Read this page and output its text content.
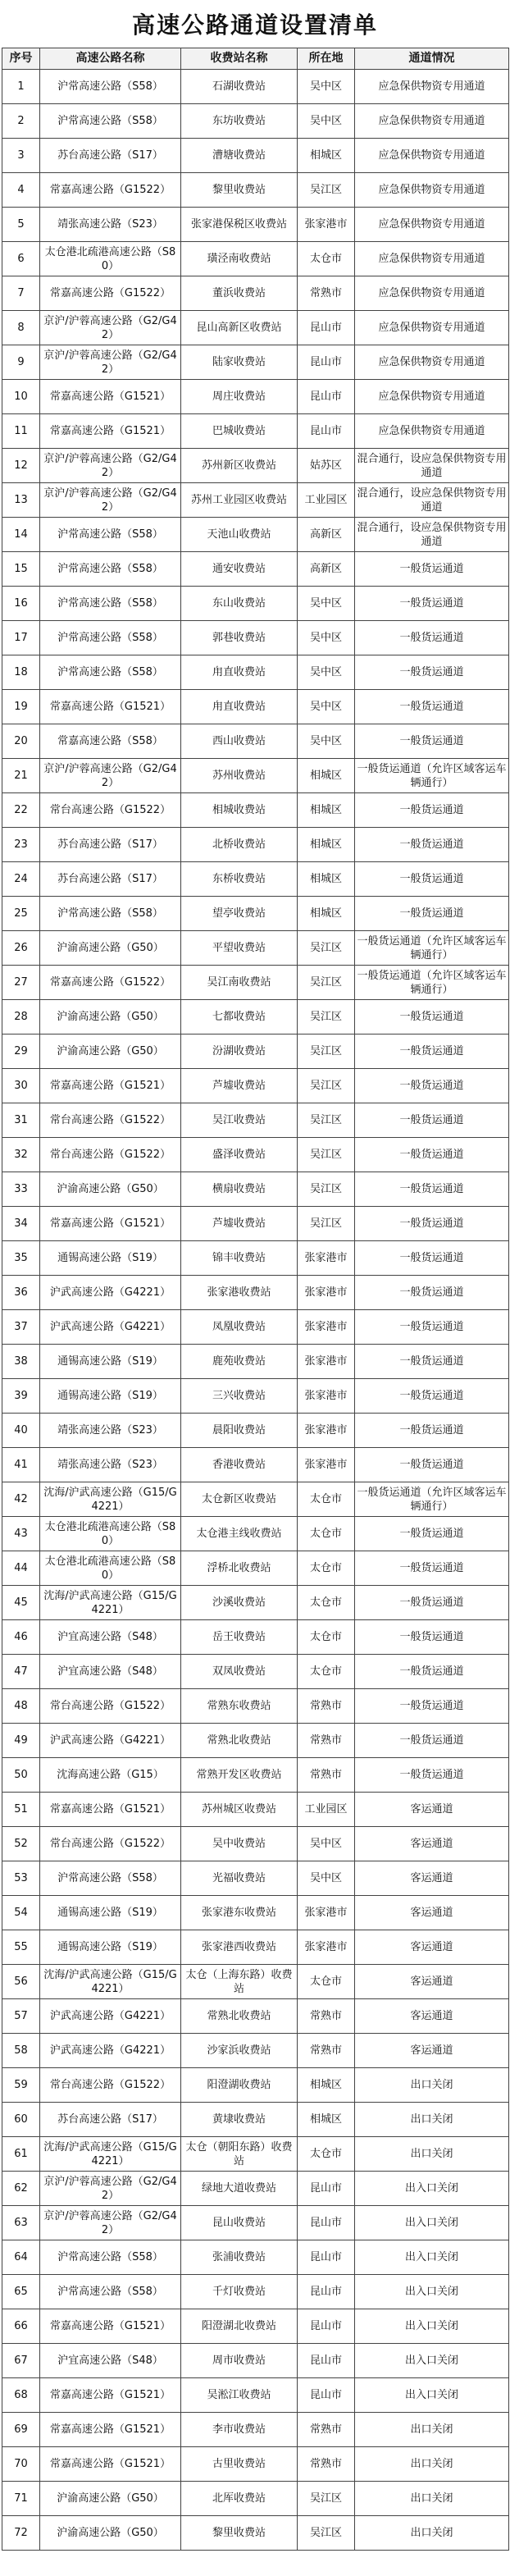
高速公路通道设置清单
序号	高速公路名称	收费站名称	所在地	通道情况
1	沪常高速公路（S58）	石湖收费站	吴中区	应急保供物资专用通道
2	沪常高速公路（S58）	东坊收费站	吴中区	应急保供物资专用通道
3	苏台高速公路（S17）	漕塘收费站	相城区	应急保供物资专用通道
4	常嘉高速公路（G1522）	黎里收费站	吴江区	应急保供物资专用通道
5	靖张高速公路（S23）	张家港保税区收费站	张家港市	应急保供物资专用通道
6	太仓港北疏港高速公路（S80）	璜泾南收费站	太仓市	应急保供物资专用通道
7	常嘉高速公路（G1522）	董浜收费站	常熟市	应急保供物资专用通道
8	京沪/沪蓉高速公路（G2/G42）	昆山高新区收费站	昆山市	应急保供物资专用通道
9	京沪/沪蓉高速公路（G2/G42）	陆家收费站	昆山市	应急保供物资专用通道
10	常嘉高速公路（G1521）	周庄收费站	昆山市	应急保供物资专用通道
11	常嘉高速公路（G1521）	巴城收费站	昆山市	应急保供物资专用通道
12	京沪/沪蓉高速公路（G2/G42）	苏州新区收费站	姑苏区	混合通行，设应急保供物资专用通道
13	京沪/沪蓉高速公路（G2/G42）	苏州工业园区收费站	工业园区	混合通行，设应急保供物资专用通道
14	沪常高速公路（S58）	天池山收费站	高新区	混合通行，设应急保供物资专用通道
15	沪常高速公路（S58）	通安收费站	高新区	一般货运通道
16	沪常高速公路（S58）	东山收费站	吴中区	一般货运通道
17	沪常高速公路（S58）	郭巷收费站	吴中区	一般货运通道
18	沪常高速公路（S58）	甪直收费站	吴中区	一般货运通道
19	常嘉高速公路（G1521）	甪直收费站	吴中区	一般货运通道
20	常嘉高速公路（S58）	西山收费站	吴中区	一般货运通道
21	京沪/沪蓉高速公路（G2/G42）	苏州收费站	相城区	一般货运通道（允许区域客运车辆通行）
22	常台高速公路（G1522）	相城收费站	相城区	一般货运通道
23	苏台高速公路（S17）	北桥收费站	相城区	一般货运通道
24	苏台高速公路（S17）	东桥收费站	相城区	一般货运通道
25	沪常高速公路（S58）	望亭收费站	相城区	一般货运通道
26	沪渝高速公路（G50）	平望收费站	吴江区	一般货运通道（允许区域客运车辆通行）
27	常嘉高速公路（G1522）	吴江南收费站	吴江区	一般货运通道（允许区域客运车辆通行）
28	沪渝高速公路（G50）	七都收费站	吴江区	一般货运通道
29	沪渝高速公路（G50）	汾湖收费站	吴江区	一般货运通道
30	常嘉高速公路（G1521）	芦墟收费站	吴江区	一般货运通道
31	常台高速公路（G1522）	吴江收费站	吴江区	一般货运通道
32	常台高速公路（G1522）	盛泽收费站	吴江区	一般货运通道
33	沪渝高速公路（G50）	横扇收费站	吴江区	一般货运通道
34	常嘉高速公路（G1521）	芦墟收费站	吴江区	一般货运通道
35	通锡高速公路（S19）	锦丰收费站	张家港市	一般货运通道
36	沪武高速公路（G4221）	张家港收费站	张家港市	一般货运通道
37	沪武高速公路（G4221）	凤凰收费站	张家港市	一般货运通道
38	通锡高速公路（S19）	鹿苑收费站	张家港市	一般货运通道
39	通锡高速公路（S19）	三兴收费站	张家港市	一般货运通道
40	靖张高速公路（S23）	晨阳收费站	张家港市	一般货运通道
41	靖张高速公路（S23）	香港收费站	张家港市	一般货运通道
42	沈海/沪武高速公路（G15/G4221）	太仓新区收费站	太仓市	一般货运通道（允许区域客运车辆通行）
43	太仓港北疏港高速公路（S80）	太仓港主线收费站	太仓市	一般货运通道
44	太仓港北疏港高速公路（S80）	浮桥北收费站	太仓市	一般货运通道
45	沈海/沪武高速公路（G15/G4221）	沙溪收费站	太仓市	一般货运通道
46	沪宜高速公路（S48）	岳王收费站	太仓市	一般货运通道
47	沪宜高速公路（S48）	双凤收费站	太仓市	一般货运通道
48	常台高速公路（G1522）	常熟东收费站	常熟市	一般货运通道
49	沪武高速公路（G4221）	常熟北收费站	常熟市	一般货运通道
50	沈海高速公路（G15）	常熟开发区收费站	常熟市	一般货运通道
51	常嘉高速公路（G1521）	苏州城区收费站	工业园区	客运通道
52	常台高速公路（G1522）	吴中收费站	吴中区	客运通道
53	沪常高速公路（S58）	光福收费站	吴中区	客运通道
54	通锡高速公路（S19）	张家港东收费站	张家港市	客运通道
55	通锡高速公路（S19）	张家港西收费站	张家港市	客运通道
56	沈海/沪武高速公路（G15/G4221）	太仓（上海东路）收费站	太仓市	客运通道
57	沪武高速公路（G4221）	常熟北收费站	常熟市	客运通道
58	沪武高速公路（G4221）	沙家浜收费站	常熟市	客运通道
59	常台高速公路（G1522）	阳澄湖收费站	相城区	出口关闭
60	苏台高速公路（S17）	黄埭收费站	相城区	出口关闭
61	沈海/沪武高速公路（G15/G4221）	太仓（朝阳东路）收费站	太仓市	出口关闭
62	京沪/沪蓉高速公路（G2/G42）	绿地大道收费站	昆山市	出入口关闭
63	京沪/沪蓉高速公路（G2/G42）	昆山收费站	昆山市	出入口关闭
64	沪常高速公路（S58）	张浦收费站	昆山市	出入口关闭
65	沪常高速公路（S58）	千灯收费站	昆山市	出入口关闭
66	常嘉高速公路（G1521）	阳澄湖北收费站	昆山市	出入口关闭
67	沪宜高速公路（S48）	周市收费站	昆山市	出入口关闭
68	常嘉高速公路（G1521）	吴淞江收费站	昆山市	出入口关闭
69	常嘉高速公路（G1521）	李市收费站	常熟市	出口关闭
70	常嘉高速公路（G1521）	古里收费站	常熟市	出口关闭
71	沪渝高速公路（G50）	北厍收费站	吴江区	出口关闭
72	沪渝高速公路（G50）	黎里收费站	吴江区	出口关闭
